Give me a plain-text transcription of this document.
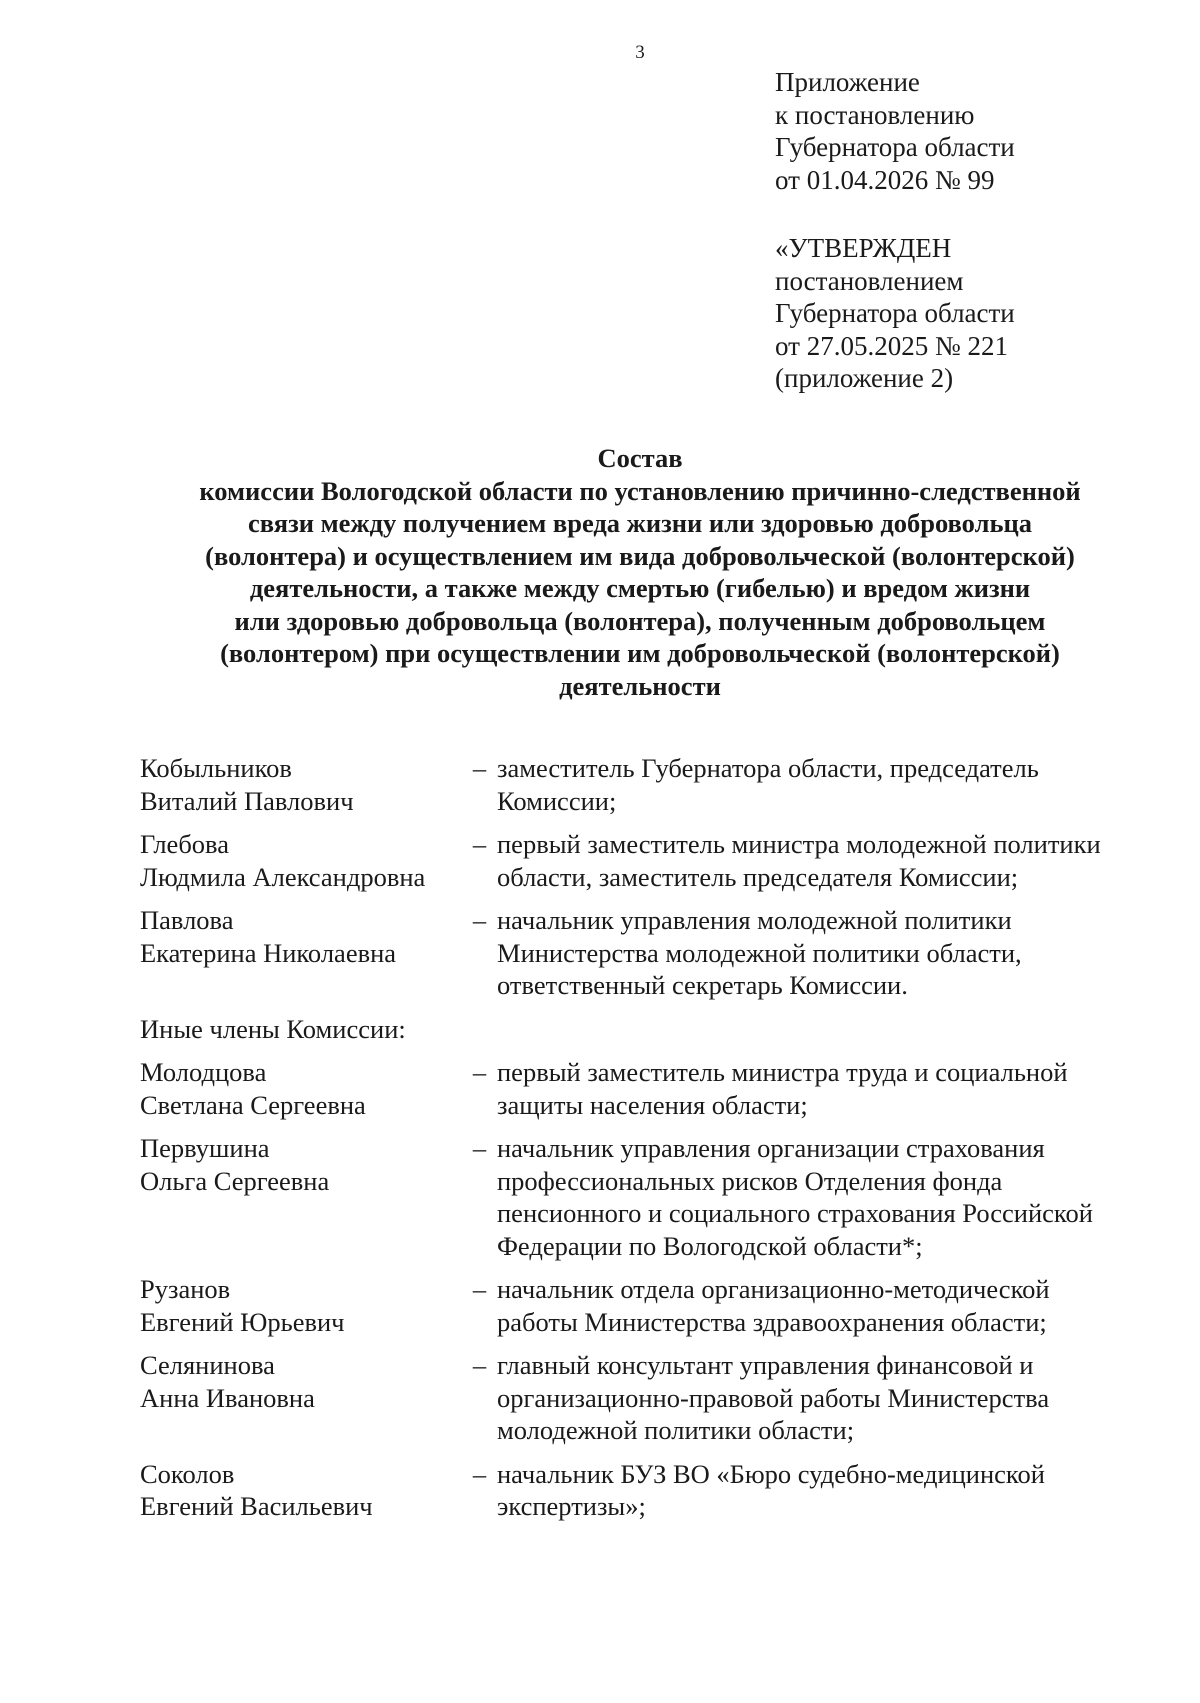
3
Приложение
к постановлению
Губернатора области
от 01.04.2026 № 99
«УТВЕРЖДЕН
постановлением
Губернатора области
от 27.05.2025 № 221
(приложение 2)
Состав
комиссии Вологодской области по установлению причинно-следственной
связи между получением вреда жизни или здоровью добровольца
(волонтера) и осуществлением им вида добровольческой (волонтерской)
деятельности, а также между смертью (гибелью) и вредом жизни
или здоровью добровольца (волонтера), полученным добровольцем
(волонтером) при осуществлении им добровольческой (волонтерской)
деятельности
Кобыльников
Виталий Павлович
– заместитель Губернатора области, председатель
Комиссии;
Глебова
Людмила Александровна
– первый заместитель министра молодежной политики
области, заместитель председателя Комиссии;
Павлова
Екатерина Николаевна
– начальник управления молодежной политики
Министерства молодежной политики области,
ответственный секретарь Комиссии.
Иные члены Комиссии:
Молодцова
Светлана Сергеевна
– первый заместитель министра труда и социальной
защиты населения области;
Первушина
Ольга Сергеевна
– начальник управления организации страхования
профессиональных рисков Отделения фонда
пенсионного и социального страхования Российской
Федерации по Вологодской области*;
Рузанов
Евгений Юрьевич
– начальник отдела организационно-методической
работы Министерства здравоохранения области;
Селянинова
Анна Ивановна
– главный консультант управления финансовой и
организационно-правовой работы Министерства
молодежной политики области;
Соколов
Евгений Васильевич
– начальник БУЗ ВО «Бюро судебно-медицинской
экспертизы»;
